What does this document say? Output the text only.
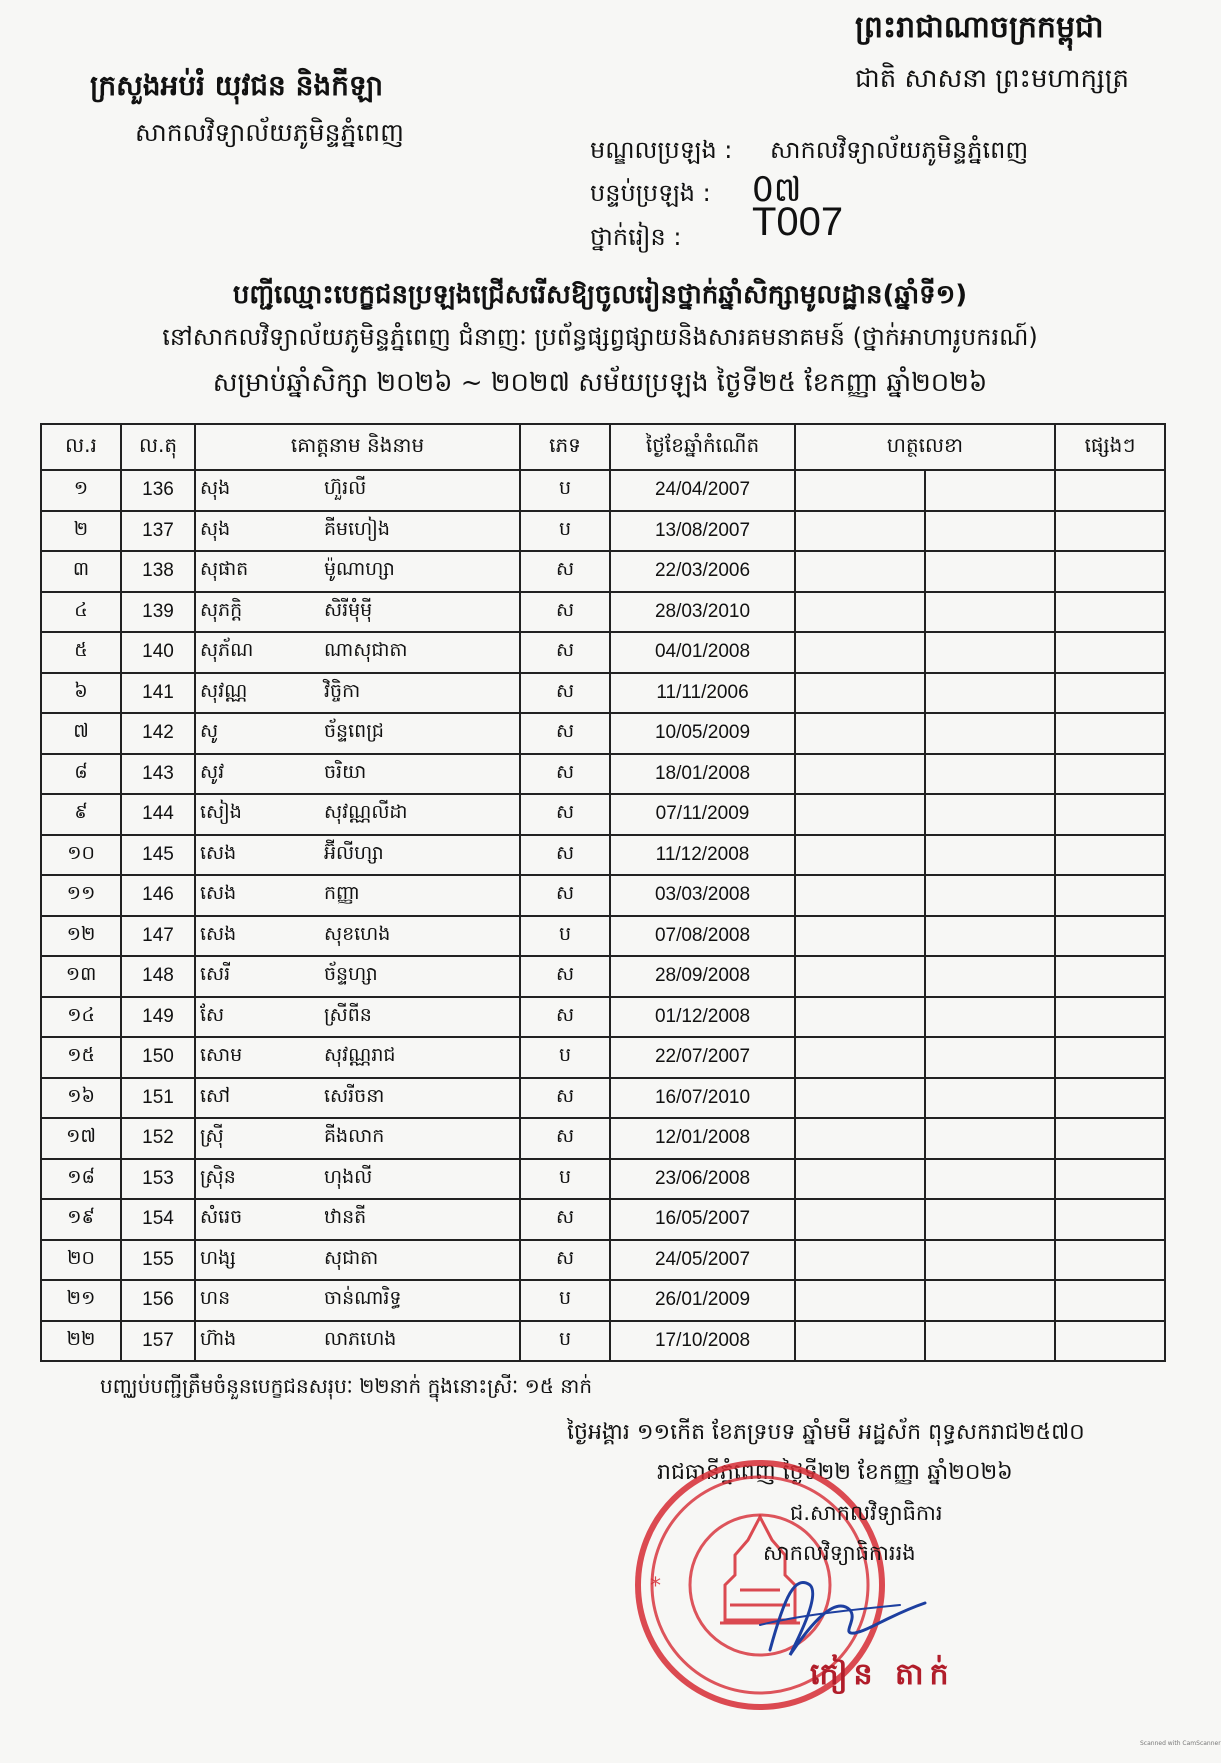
ព្រះរាជាណាចក្រកម្ពុជា
ជាតិ សាសនា ព្រះមហាក្សត្រ
ក្រសួងអប់រំ យុវជន និងកីឡា
សាកលវិទ្យាល័យភូមិន្ទភ្នំពេញ
មណ្ឌលប្រឡង : សាកលវិទ្យាល័យភូមិន្ទភ្នំពេញ
បន្ទប់ប្រឡង : 0៧
ថ្នាក់រៀន : T007
បញ្ជីឈ្មោះបេក្ខជនប្រឡងជ្រើសរើសឱ្យចូលរៀនថ្នាក់ឆ្នាំសិក្សាមូលដ្ឋាន(ឆ្នាំទី១)
នៅសាកលវិទ្យាល័យភូមិន្ទភ្នំពេញ ជំនាញៈ ប្រព័ន្ធផ្សព្វផ្សាយនិងសារគមនាគមន៍ (ថ្នាក់អាហារូបករណ៍)
សម្រាប់ឆ្នាំសិក្សា ២០២៦ ~ ២០២៧ សម័យប្រឡង ថ្ងៃទី២៥ ខែកញ្ញា ឆ្នាំ២០២៦
ល.រ	ល.តុ	គោត្តនាម និងនាម	ភេទ	ថ្ងៃខែឆ្នាំកំណើត	ហត្ថលេខា		ផ្សេងៗ
១	136	សុង ហ៊ួរលី	ប	24/04/2007			
២	137	សុង គីមហៀង	ប	13/08/2007			
៣	138	សុផាត ម៉ូណាហ្សា	ស	22/03/2006			
៤	139	សុភក្តិ សិរីមុំម៉ី	ស	28/03/2010			
៥	140	សុភ័ណ ណាសុជាតា	ស	04/01/2008			
៦	141	សុវណ្ណ វិច្ចិកា	ស	11/11/2006			
៧	142	សូ ច័ន្ទពេជ្រ	ស	10/05/2009			
៨	143	សូវ ចរិយា	ស	18/01/2008			
៩	144	សៀង សុវណ្ណលីដា	ស	07/11/2009			
១០	145	សេង អ៊ីលីហ្សា	ស	11/12/2008			
១១	146	សេង កញ្ញា	ស	03/03/2008			
១២	147	សេង សុខហេង	ប	07/08/2008			
១៣	148	សេរី ច័ន្ទហ្សា	ស	28/09/2008			
១៤	149	សែ ស្រីពីន	ស	01/12/2008			
១៥	150	សោម សុវណ្ណរាជ	ប	22/07/2007			
១៦	151	សៅ សេរីចនា	ស	16/07/2010			
១៧	152	ស្រ៊ី គីងលាក	ស	12/01/2008			
១៨	153	ស្រ៊ិន ហុងលី	ប	23/06/2008			
១៩	154	សំរេច ឋានតី	ស	16/05/2007			
២០	155	ហង្ស សុជាតា	ស	24/05/2007			
២១	156	ហន ចាន់ណារិទ្ធ	ប	26/01/2009			
២២	157	ហ៊ាង លាភហេង	ប	17/10/2008			
បញ្ឈប់បញ្ជីត្រឹមចំនួនបេក្ខជនសរុបៈ ២២នាក់ ក្នុងនោះស្រីៈ ១៥ នាក់
ថ្ងៃអង្គារ ១១កើត ខែភទ្របទ ឆ្នាំមមី អដ្ឋស័ក ពុទ្ធសករាជ២៥៧០
រាជធានីភ្នំពេញ ថ្ងៃទី២២ ខែកញ្ញា ឆ្នាំ២០២៦
*
ជ.សាកលវិទ្យាធិការ
សាកលវិទ្យាធិការរង
កៀន តាក់
Scanned with CamScanner
